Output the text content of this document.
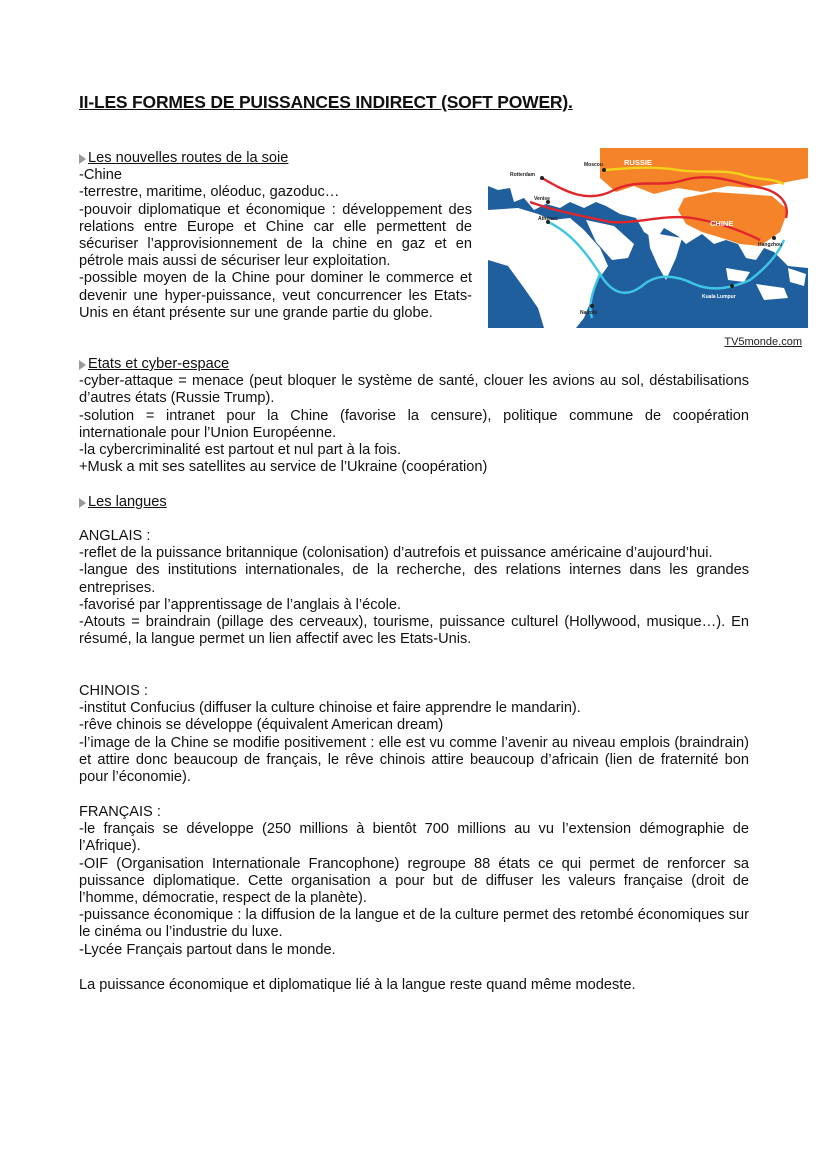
II-LES FORMES DE PUISSANCES INDIRECT (SOFT POWER).
Les nouvelles routes de la soie
-Chine
-terrestre, maritime, oléoduc, gazoduc…
-pouvoir diplomatique et économique : développement des relations entre Europe et Chine car elle permettent de sécuriser l’approvisionnement de la chine en gaz et en pétrole mais aussi de sécuriser leur exploitation.
-possible moyen de la Chine pour dominer le commerce et devenir une hyper-puissance, veut concurrencer les Etats-Unis en étant présente sur une grande partie du globe.
RUSSIE
CHINE
Moscou
Rotterdam
Venise
Athènes
Hangzhou
Kuala Lumpur
Nairobi
TV5monde.com
Etats et cyber-espace
-cyber-attaque = menace (peut bloquer le système de santé, clouer les avions au sol, déstabilisations d’autres états (Russie Trump).
-solution = intranet pour la Chine (favorise la censure), politique commune de coopération internationale pour l’Union Européenne.
-la cybercriminalité est partout et nul part à la fois.
+Musk a mit ses satellites au service de l’Ukraine (coopération)
Les langues
ANGLAIS :
-reflet de la puissance britannique (colonisation) d’autrefois et puissance américaine d’aujourd’hui.
-langue des institutions internationales, de la recherche, des relations internes dans les grandes entreprises.
-favorisé par l’apprentissage de l’anglais à l’école.
-Atouts = braindrain (pillage des cerveaux), tourisme, puissance culturel (Hollywood, musique…). En résumé, la langue permet un lien affectif avec les Etats-Unis.
CHINOIS :
-institut Confucius (diffuser la culture chinoise et faire apprendre le mandarin).
-rêve chinois se développe (équivalent American dream)
-l’image de la Chine se modifie positivement : elle est vu comme l’avenir au niveau emplois (braindrain) et attire donc beaucoup de français, le rêve chinois attire beaucoup d’africain (lien de fraternité bon pour l’économie).
FRANÇAIS :
-le français se développe (250 millions à bientôt 700 millions au vu l’extension démographie de l’Afrique).
-OIF (Organisation Internationale Francophone) regroupe 88 états ce qui permet de renforcer sa puissance diplomatique. Cette organisation a pour but de diffuser les valeurs française (droit de l’homme, démocratie, respect de la planète).
-puissance économique : la diffusion de la langue et de la culture permet des retombé économiques sur le cinéma ou l’industrie du luxe.
-Lycée Français partout dans le monde.
La puissance économique et diplomatique lié à la langue reste quand même modeste.
